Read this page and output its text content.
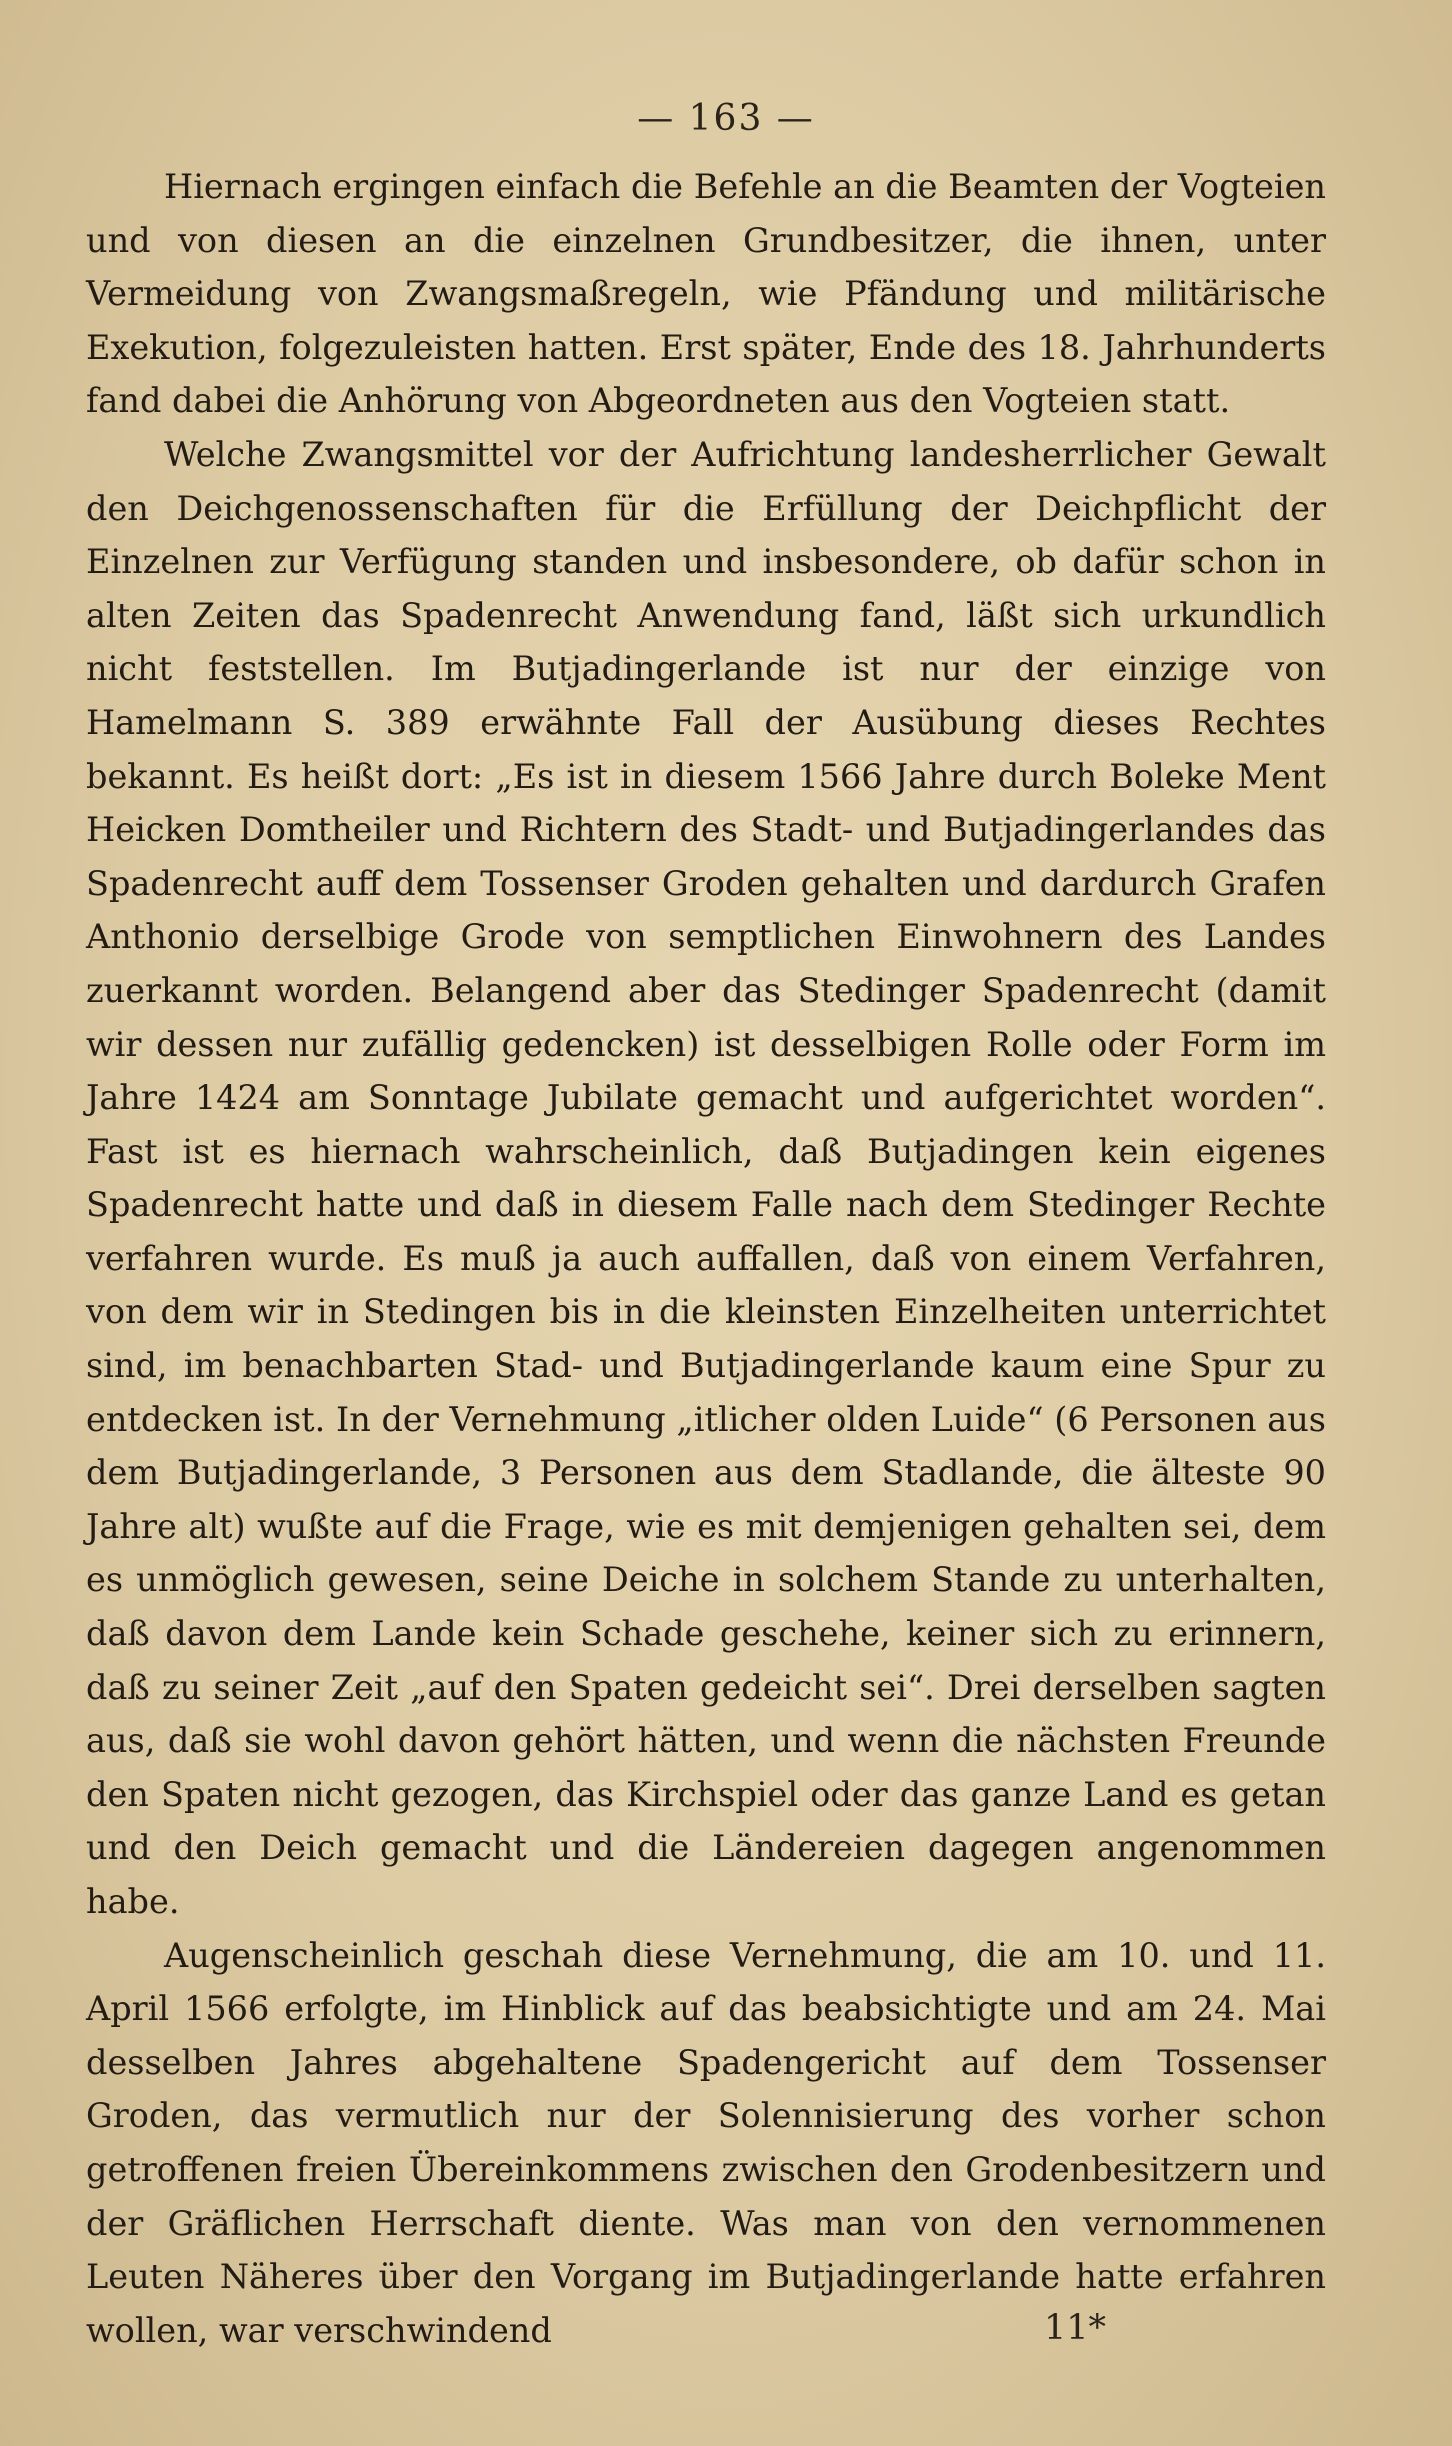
— 163 —

Hiernach ergingen einfach die Befehle an die Beamten der Vogteien und von diesen an die einzelnen Grundbesitzer, die ihnen, unter Vermeidung von Zwangsmaßregeln, wie Pfändung und militärische Exekution, folgezuleisten hatten. Erst später, Ende des 18. Jahrhunderts fand dabei die Anhörung von Abgeordneten aus den Vogteien statt.

Welche Zwangsmittel vor der Aufrichtung landesherrlicher Gewalt den Deichgenossenschaften für die Erfüllung der Deichpflicht der Einzelnen zur Verfügung standen und insbesondere, ob dafür schon in alten Zeiten das Spadenrecht Anwendung fand, läßt sich urkundlich nicht feststellen. Im Butjadingerlande ist nur der einzige von Hamelmann S. 389 erwähnte Fall der Ausübung dieses Rechtes bekannt. Es heißt dort: „Es ist in diesem 1566 Jahre durch Boleke Ment Heicken Domtheiler und Richtern des Stadt- und Butjadingerlandes das Spadenrecht auff dem Tossenser Groden gehalten und dardurch Grafen Anthonio derselbige Grode von semptlichen Einwohnern des Landes zuerkannt worden. Belangend aber das Stedinger Spadenrecht (damit wir dessen nur zufällig gedencken) ist desselbigen Rolle oder Form im Jahre 1424 am Sonntage Jubilate gemacht und aufgerichtet worden“. Fast ist es hiernach wahrscheinlich, daß Butjadingen kein eigenes Spadenrecht hatte und daß in diesem Falle nach dem Stedinger Rechte verfahren wurde. Es muß ja auch auffallen, daß von einem Verfahren, von dem wir in Stedingen bis in die kleinsten Einzelheiten unterrichtet sind, im benachbarten Stad- und Butjadingerlande kaum eine Spur zu entdecken ist. In der Vernehmung „itlicher olden Luide“ (6 Personen aus dem Butjadingerlande, 3 Personen aus dem Stadlande, die älteste 90 Jahre alt) wußte auf die Frage, wie es mit demjenigen gehalten sei, dem es unmöglich gewesen, seine Deiche in solchem Stande zu unterhalten, daß davon dem Lande kein Schade geschehe, keiner sich zu erinnern, daß zu seiner Zeit „auf den Spaten gedeicht sei“. Drei derselben sagten aus, daß sie wohl davon gehört hätten, und wenn die nächsten Freunde den Spaten nicht gezogen, das Kirchspiel oder das ganze Land es getan und den Deich gemacht und die Ländereien dagegen angenommen habe.

Augenscheinlich geschah diese Vernehmung, die am 10. und 11. April 1566 erfolgte, im Hinblick auf das beabsichtigte und am 24. Mai desselben Jahres abgehaltene Spadengericht auf dem Tossenser Groden, das vermutlich nur der Solennisierung des vorher schon getroffenen freien Übereinkommens zwischen den Grodenbesitzern und der Gräflichen Herrschaft diente. Was man von den vernommenen Leuten Näheres über den Vorgang im Butjadingerlande hatte erfahren wollen, war verschwindend	11*
